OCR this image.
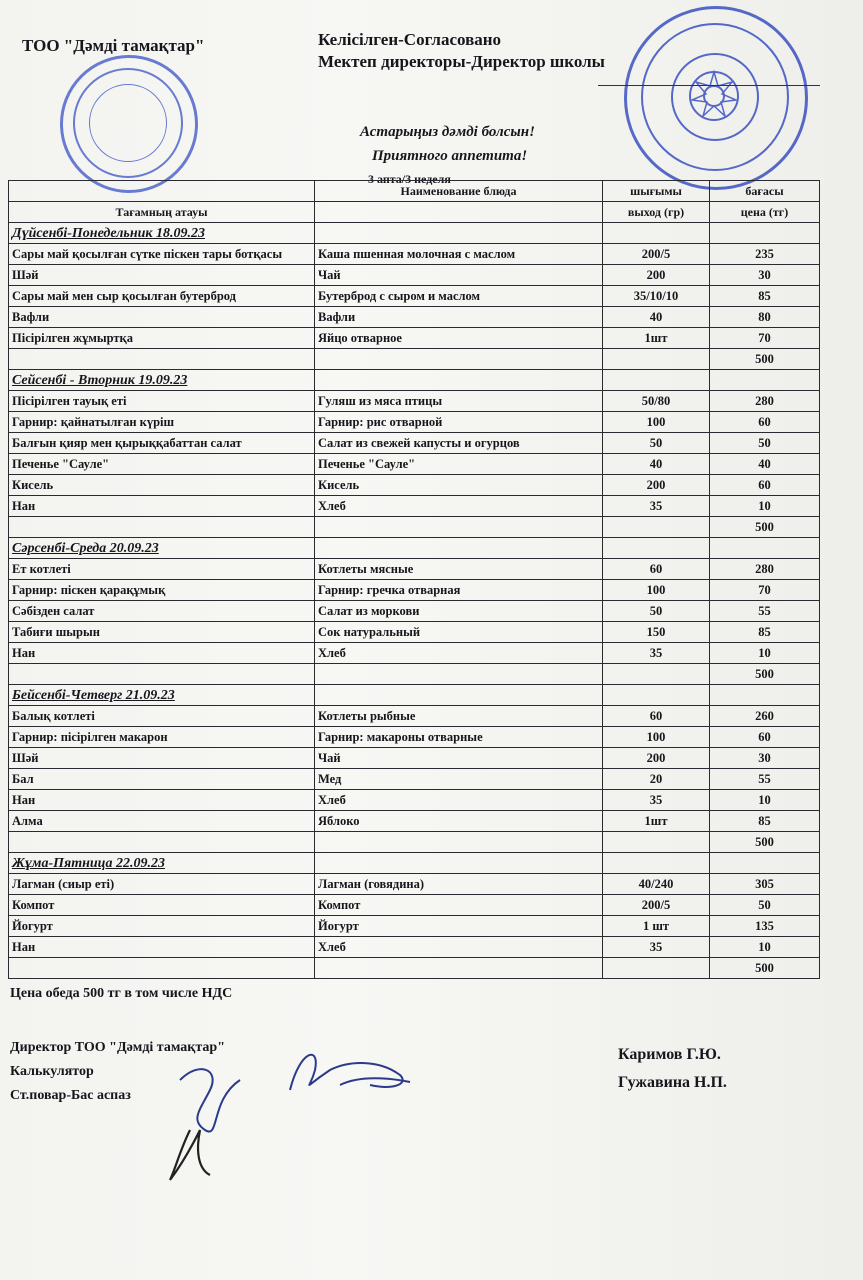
ТОО "Дәмді тамақтар"	Келісілген-Согласовано
Мектеп директоры-Директор школы
Астарыңыз дәмді болсын!
Приятного аппетита!
3 апта/3 неделя
	Наименование блюда	шығымы	бағасы
Тағамның атауы		выход (гр)	цена (тг)
Дүйсенбі-Понедельник 18.09.23			
Сары май қосылған сүтке піскен тары ботқасы	Каша пшенная молочная с маслом	200/5	235
Шәй	Чай	200	30
Сары май мен сыр қосылған бутерброд	Бутерброд с сыром и маслом	35/10/10	85
Вафли	Вафли	40	80
Пісірілген жұмыртқа	Яйцо отварное	1шт	70
			500
Сейсенбі - Вторник 19.09.23			
Пісірілген тауық еті	Гуляш из мяса птицы	50/80	280
Гарнир: қайнатылған күріш	Гарнир: рис отварной	100	60
Балғын қияр мен қырыққабаттан салат	Салат из свежей капусты и огурцов	50	50
Печенье "Сауле"	Печенье "Сауле"	40	40
Кисель	Кисель	200	60
Нан	Хлеб	35	10
			500
Сәрсенбі-Среда 20.09.23			
Ет котлеті	Котлеты мясные	60	280
Гарнир: піскен қарақұмық	Гарнир: гречка отварная	100	70
Сәбізден салат	Салат из моркови	50	55
Табиғи шырын	Сок натуральный	150	85
Нан	Хлеб	35	10
			500
Бейсенбі-Четверг 21.09.23			
Балық котлеті	Котлеты рыбные	60	260
Гарнир: пісірілген макарон	Гарнир: макароны отварные	100	60
Шәй	Чай	200	30
Бал	Мед	20	55
Нан	Хлеб	35	10
Алма	Яблоко	1шт	85
			500
Жұма-Пятница 22.09.23			
Лагман (сиыр еті)	Лагман (говядина)	40/240	305
Компот	Компот	200/5	50
Йогурт	Йогурт	1 шт	135
Нан	Хлеб	35	10
			500
Цена обеда 500 тг в том числе НДС
Директор ТОО "Дәмді тамақтар"
Калькулятор
Ст.повар-Бас аспаз
Каримов Г.Ю.
Гужавина Н.П.
